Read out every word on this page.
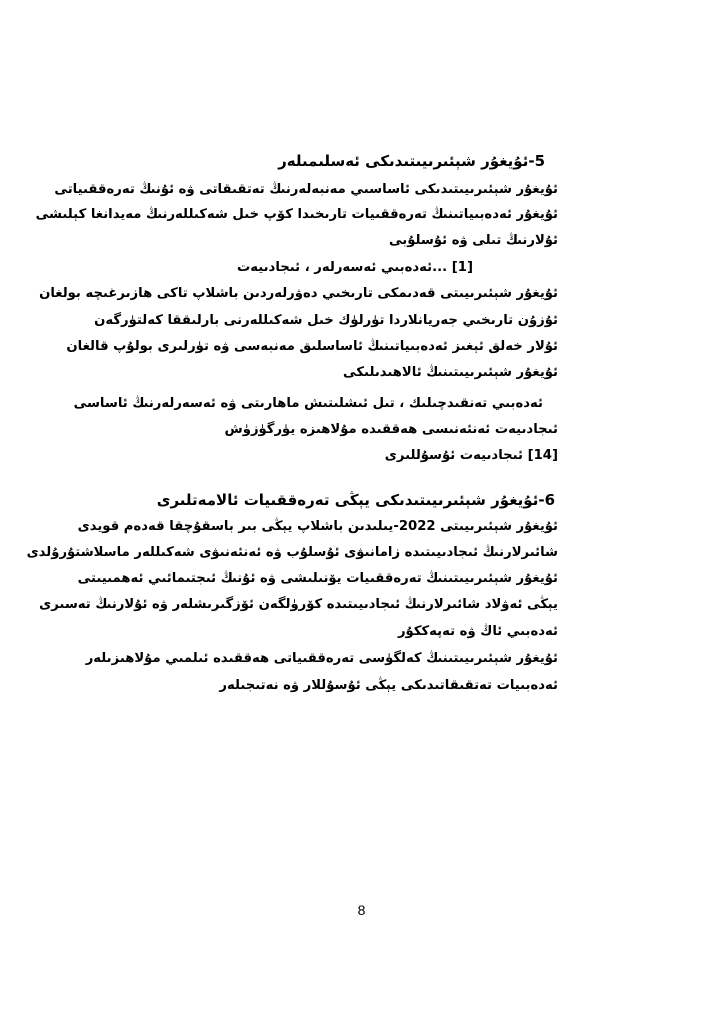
5-ئۇيغۇر شېئىرىيىتىدىكى ئەسلىمىلەر
ئۇيغۇر شېئىرىيىتىدىكى ئاساسىي مەنبەلەرنىڭ تەتقىقاتى ۋە ئۇنىڭ تەرەققىياتى
ئۇيغۇر ئەدەبىياتىنىڭ تەرەققىيات تارىخىدا كۆپ خىل شەكىللەرنىڭ مەيدانغا كېلىشى
ئۇلارنىڭ تىلى ۋە ئۇسلۇبى
[1] ...ئەدەبىي ئەسەرلەر ، ئىجادىيەت
ئۇيغۇر شېئىرىيىتى قەدىمكى تارىخىي دەۋرلەردىن باشلاپ تاكى ھازىرغىچە بولغان
ئۇزۇن تارىخىي جەريانلاردا تۈرلۈك خىل شەكىللەرنى بارلىققا كەلتۈرگەن
ئۇلار خەلق ئېغىز ئەدەبىياتىنىڭ ئاساسلىق مەنبەسى ۋە تۈرلىرى بولۇپ قالغان
ئۇيغۇر شېئىرىيىتىنىڭ ئالاھىدىلىكى
ئەدەبىي تەنقىدچىلىك ، تىل ئىشلىتىش ماھارىتى ۋە ئەسەرلەرنىڭ ئاساسى
ئىجادىيەت ئەنئەنىسى ھەققىدە مۇلاھىزە يۈرگۈزۈش
[14] ئىجادىيەت ئۇسۇللىرى
6-ئۇيغۇر شېئىرىيىتىدىكى يېڭى تەرەققىيات ئالامەتلىرى
ئۇيغۇر شېئىرىيىتى 2022-يىلىدىن باشلاپ يېڭى بىر باسقۇچقا قەدەم قويدى
شائىرلارنىڭ ئىجادىيىتىدە زامانىۋى ئۇسلۇب ۋە ئەنئەنىۋى شەكىللەر ماسلاشتۇرۇلدى
ئۇيغۇر شېئىرىيىتىنىڭ تەرەققىيات يۆنىلىشى ۋە ئۇنىڭ ئىجتىمائىي ئەھمىيىتى
يېڭى ئەۋلاد شائىرلارنىڭ ئىجادىيىتىدە كۆرۈلگەن ئۆزگىرىشلەر ۋە ئۇلارنىڭ تەسىرى
ئەدەبىي ئاڭ ۋە تەپەككۇر
ئۇيغۇر شېئىرىيىتىنىڭ كەلگۈسى تەرەققىياتى ھەققىدە ئىلمىي مۇلاھىزىلەر
ئەدەبىيات تەتقىقاتىدىكى يېڭى ئۇسۇللار ۋە نەتىجىلەر
8
